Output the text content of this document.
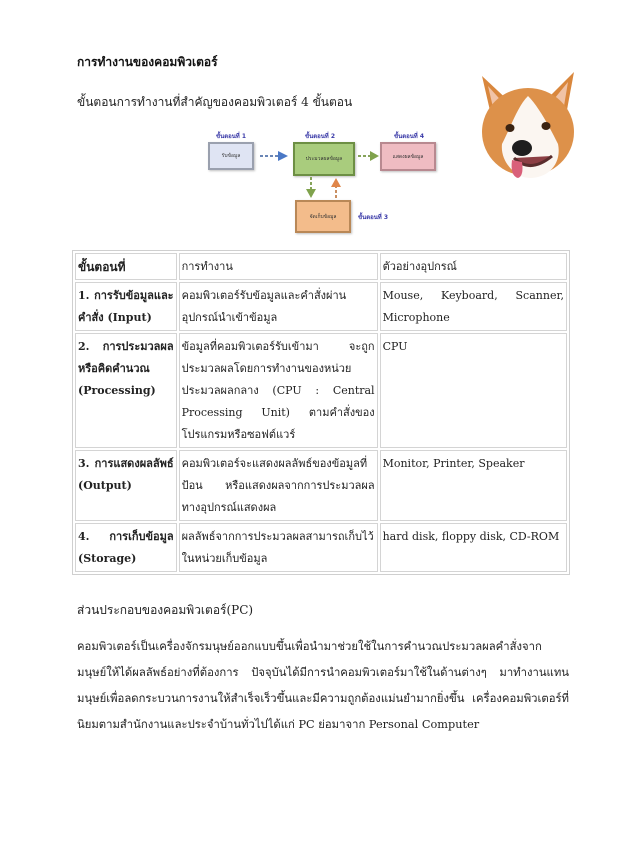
การทำงานของคอมพิวเตอร์
ขั้นตอนการทำงานที่สำคัญของคอมพิวเตอร์ 4 ขั้นตอน
ขั้นตอนที่ 1	ขั้นตอนที่ 2	ขั้นตอนที่ 4
ขั้นตอนที่ 3
รับข้อมูล	ประมวลผลข้อมูล	แสดงผลข้อมูล
จัดเก็บข้อมูล
ขั้นตอนที่	การทำงาน	ตัวอย่างอุปกรณ์
1. การรับข้อมูลและคำสั่ง (Input)	คอมพิวเตอร์รับข้อมูลและคำสั่งผ่านอุปกรณ์นำเข้าข้อมูล	Mouse, Keyboard, Scanner, Microphone
2. การประมวลผลหรือคิดคำนวณ (Processing)	ข้อมูลที่คอมพิวเตอร์รับเข้ามา จะถูกประมวลผลโดยการทำงานของหน่วยประมวลผลกลาง (CPU : Central Processing Unit) ตามคำสั่งของโปรแกรมหรือซอฟต์แวร์	CPU
3. การแสดงผลลัพธ์ (Output)	คอมพิวเตอร์จะแสดงผลลัพธ์ของข้อมูลที่ป้อน หรือแสดงผลจากการประมวลผล ทางอุปกรณ์แสดงผล	Monitor, Printer, Speaker
4. การเก็บข้อมูล (Storage)	ผลลัพธ์จากการประมวลผลสามารถเก็บไว้ในหน่วยเก็บข้อมูล	hard disk, floppy disk, CD-ROM
ส่วนประกอบของคอมพิวเตอร์(PC)
คอมพิวเตอร์เป็นเครื่องจักรมนุษย์ออกแบบขึ้นเพื่อนำมาช่วยใช้ในการคำนวณประมวลผลคำสั่งจากมนุษย์ให้ได้ผลลัพธ์อย่างที่ต้องการ ปัจจุบันได้มีการนำคอมพิวเตอร์มาใช้ในด้านต่างๆ มาทำงานแทนมนุษย์เพื่อลดกระบวนการงานให้สำเร็จเร็วขึ้นและมีความถูกต้องแม่นยำมากยิ่งขึ้น เครื่องคอมพิวเตอร์ที่นิยมตามสำนักงานและประจำบ้านทั่วไปได้แก่ PC ย่อมาจาก Personal Computer
